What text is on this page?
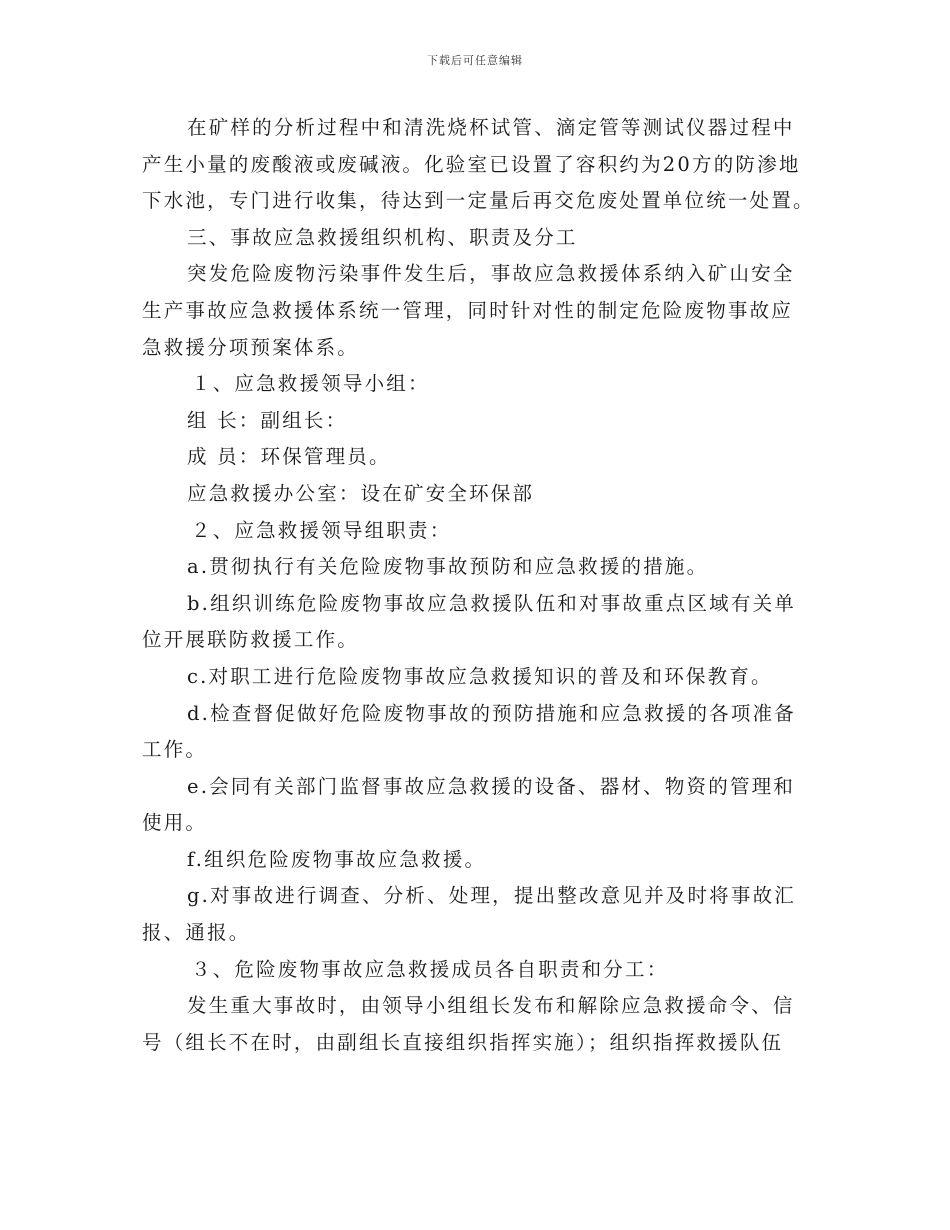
下载后可任意编辑
在矿样的分析过程中和清洗烧杯试管、滴定管等测试仪器过程中
产生小量的废酸液或废碱液。化验室已设置了容积约为20方的防渗地
下水池，专门进行收集，待达到一定量后再交危废处置单位统一处置。
三、事故应急救援组织机构、职责及分工
突发危险废物污染事件发生后，事故应急救援体系纳入矿山安全
生产事故应急救援体系统一管理，同时针对性的制定危险废物事故应
急救援分项预案体系。
１、应急救援领导小组：
组 长：副组长：
成 员：环保管理员。
应急救援办公室：设在矿安全环保部
２、应急救援领导组职责：
a.贯彻执行有关危险废物事故预防和应急救援的措施。
b.组织训练危险废物事故应急救援队伍和对事故重点区域有关单
位开展联防救援工作。
c.对职工进行危险废物事故应急救援知识的普及和环保教育。
d.检查督促做好危险废物事故的预防措施和应急救援的各项准备
工作。
e.会同有关部门监督事故应急救援的设备、器材、物资的管理和
使用。
f.组织危险废物事故应急救援。
g.对事故进行调查、分析、处理，提出整改意见并及时将事故汇
报、通报。
３、危险废物事故应急救援成员各自职责和分工：
发生重大事故时，由领导小组组长发布和解除应急救援命令、信
号（组长不在时，由副组长直接组织指挥实施）；组织指挥救援队伍
